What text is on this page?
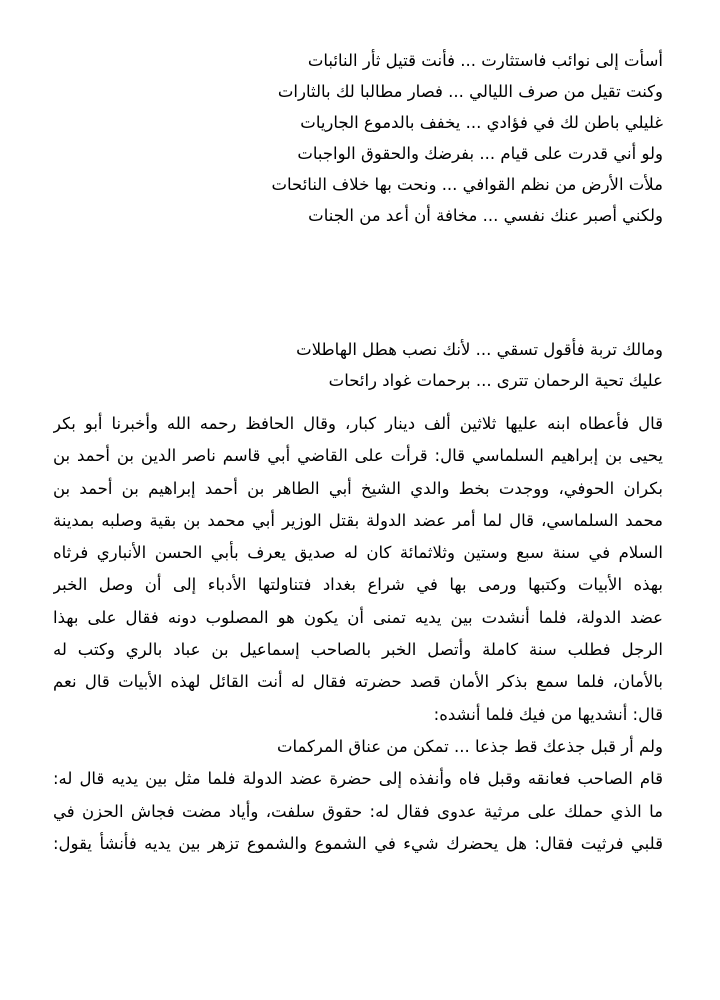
أسأت إلى نوائب فاستثارت ... فأنت قتيل ثأر النائبات
وكنت تقيل من صرف الليالي ... فصار مطالبا لك بالثارات
غليلي باطن لك في فؤادي ... يخفف بالدموع الجاريات
ولو أني قدرت على قيام ... بفرضك والحقوق الواجبات
ملأت الأرض من نظم القوافي ... ونحت بها خلاف النائحات
ولكني أصبر عنك نفسي ... مخافة أن أعد من الجنات
ومالك تربة فأقول تسقي ... لأنك نصب هطل الهاطلات
عليك تحية الرحمان تترى ... برحمات غواد رائحات
قال فأعطاه ابنه عليها ثلاثين ألف دينار كبار، وقال الحافظ رحمه الله وأخبرنا أبو بكر
يحيى بن إبراهيم السلماسي قال: قرأت على القاضي أبي قاسم ناصر الدين بن أحمد بن
بكران الحوفي، ووجدت بخط والدي الشيخ أبي الطاهر بن أحمد إبراهيم بن أحمد بن
محمد السلماسي، قال لما أمر عضد الدولة بقتل الوزير أبي محمد بن بقية وصلبه بمدينة
السلام في سنة سبع وستين وثلاثمائة كان له صديق يعرف بأبي الحسن الأنباري فرثاه
بهذه الأبيات وكتبها ورمى بها في شراع بغداد فتناولتها الأدباء إلى أن وصل الخبر
عضد الدولة، فلما أنشدت بين يديه تمنى أن يكون هو المصلوب دونه فقال على بهذا
الرجل فطلب سنة كاملة وأتصل الخبر بالصاحب إسماعيل بن عباد بالري وكتب له
بالأمان، فلما سمع بذكر الأمان قصد حضرته فقال له أنت القائل لهذه الأبيات قال نعم
قال: أنشديها من فيك فلما أنشده:
ولم أر قبل جذعك قط جذعا ... تمكن من عناق المركمات
قام الصاحب فعانقه وقبل فاه وأنفذه إلى حضرة عضد الدولة فلما مثل بين يديه قال له:
ما الذي حملك على مرثية عدوى فقال له: حقوق سلفت، وأياد مضت فجاش الحزن في
قلبي فرثيت فقال: هل يحضرك شيء في الشموع والشموع تزهر بين يديه فأنشأ يقول:
